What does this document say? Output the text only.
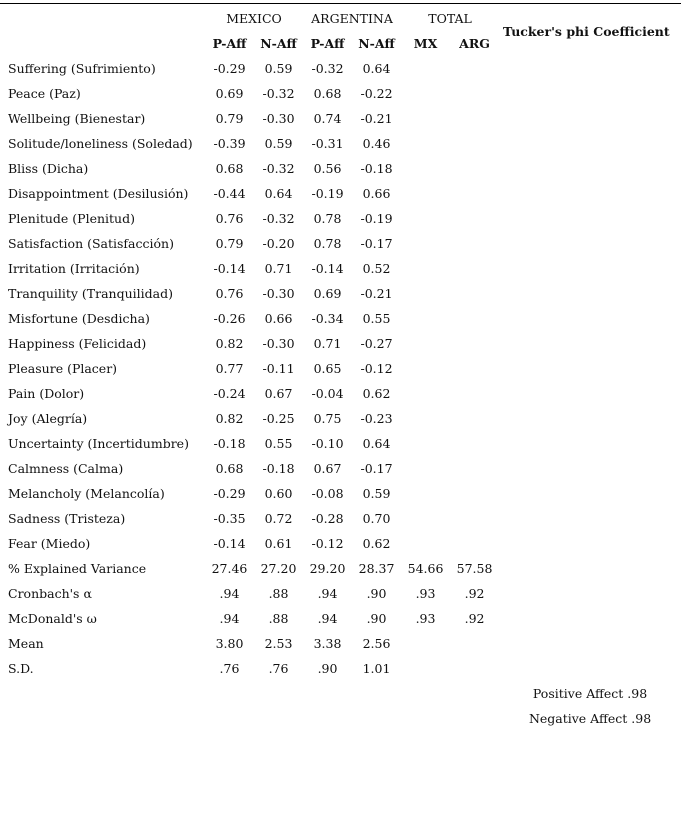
	MEXICO		ARGENTINA		TOTAL		Tucker's phi Coefficient
	P-Aff	N-Aff	P-Aff	N-Aff	MX	ARG	
Suffering (Sufrimiento)	-0.29	0.59	-0.32	0.64			
Peace (Paz)	0.69	-0.32	0.68	-0.22			
Wellbeing (Bienestar)	0.79	-0.30	0.74	-0.21			
Solitude/loneliness (Soledad)	-0.39	0.59	-0.31	0.46			
Bliss (Dicha)	0.68	-0.32	0.56	-0.18			
Disappointment (Desilusión)	-0.44	0.64	-0.19	0.66			
Plenitude (Plenitud)	0.76	-0.32	0.78	-0.19			
Satisfaction (Satisfacción)	0.79	-0.20	0.78	-0.17			
Irritation (Irritación)	-0.14	0.71	-0.14	0.52			
Tranquility (Tranquilidad)	0.76	-0.30	0.69	-0.21			
Misfortune (Desdicha)	-0.26	0.66	-0.34	0.55			
Happiness (Felicidad)	0.82	-0.30	0.71	-0.27			
Pleasure (Placer)	0.77	-0.11	0.65	-0.12			
Pain (Dolor)	-0.24	0.67	-0.04	0.62			
Joy (Alegría)	0.82	-0.25	0.75	-0.23			
Uncertainty (Incertidumbre)	-0.18	0.55	-0.10	0.64			
Calmness (Calma)	0.68	-0.18	0.67	-0.17			
Melancholy (Melancolía)	-0.29	0.60	-0.08	0.59			
Sadness (Tristeza)	-0.35	0.72	-0.28	0.70			
Fear (Miedo)	-0.14	0.61	-0.12	0.62			
% Explained Variance	27.46	27.20	29.20	28.37	54.66	57.58	
Cronbach's α	.94	.88	.94	.90	.93	.92	
McDonald's ω	.94	.88	.94	.90	.93	.92	
Mean	3.80	2.53	3.38	2.56			
S.D.	.76	.76	.90	1.01			
							Positive Affect .98
							Negative Affect .98
